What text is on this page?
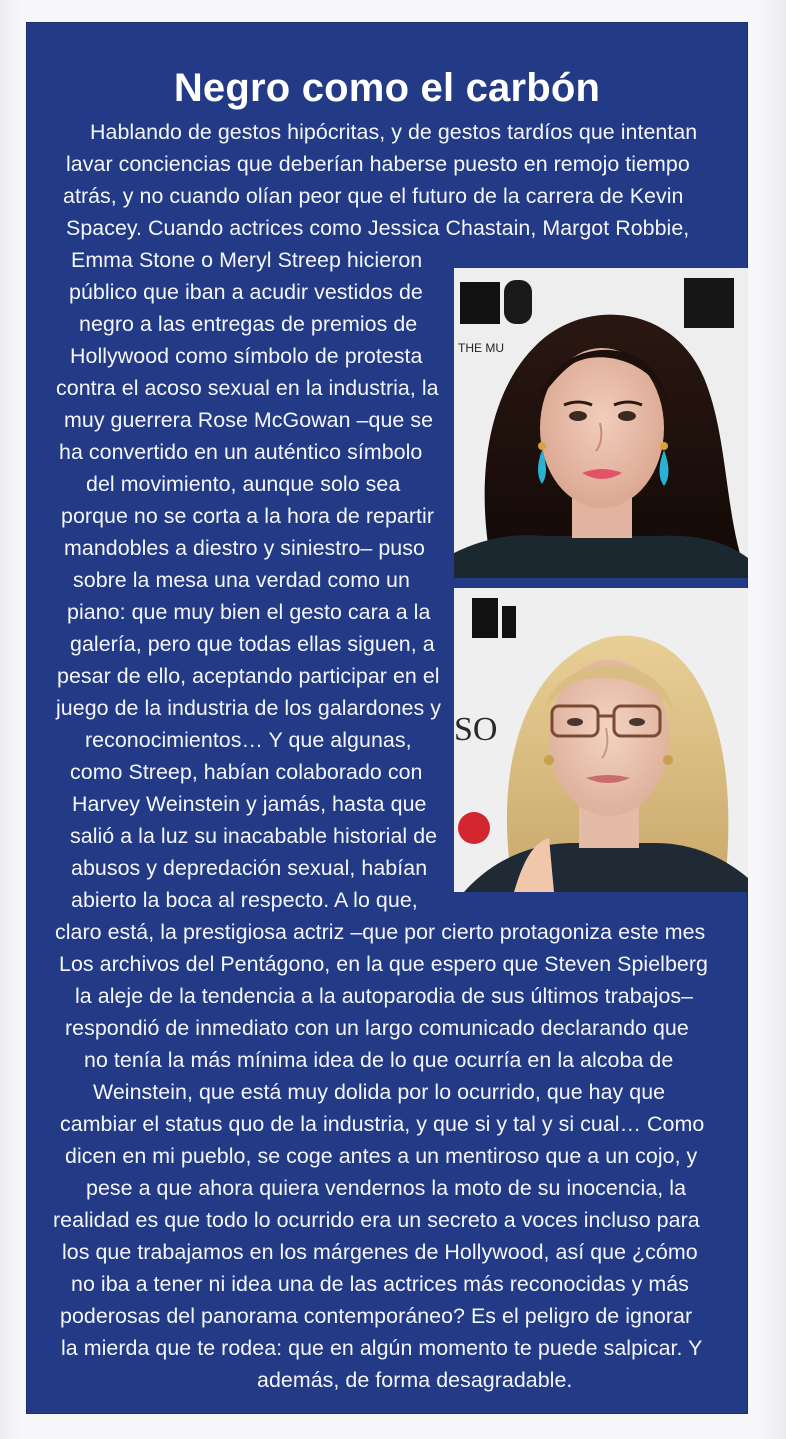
Negro como el carbón
Hablando de gestos hipócritas, y de gestos tardíos que intentan
lavar conciencias que deberían haberse puesto en remojo tiempo
atrás, y no cuando olían peor que el futuro de la carrera de Kevin
Spacey. Cuando actrices como Jessica Chastain, Margot Robbie,
Emma Stone o Meryl Streep hicieron
público que iban a acudir vestidos de
negro a las entregas de premios de
Hollywood como símbolo de protesta
contra el acoso sexual en la industria, la
muy guerrera Rose McGowan –que se
ha convertido en un auténtico símbolo
del movimiento, aunque solo sea
porque no se corta a la hora de repartir
mandobles a diestro y siniestro– puso
sobre la mesa una verdad como un
piano: que muy bien el gesto cara a la
galería, pero que todas ellas siguen, a
pesar de ello, aceptando participar en el
juego de la industria de los galardones y
reconocimientos… Y que algunas,
como Streep, habían colaborado con
Harvey Weinstein y jamás, hasta que
salió a la luz su inacabable historial de
abusos y depredación sexual, habían
abierto la boca al respecto. A lo que,
claro está, la prestigiosa actriz –que por cierto protagoniza este mes
Los archivos del Pentágono, en la que espero que Steven Spielberg
la aleje de la tendencia a la autoparodia de sus últimos trabajos–
respondió de inmediato con un largo comunicado declarando que
no tenía la más mínima idea de lo que ocurría en la alcoba de
Weinstein, que está muy dolida por lo ocurrido, que hay que
cambiar el status quo de la industria, y que si y tal y si cual… Como
dicen en mi pueblo, se coge antes a un mentiroso que a un cojo, y
pese a que ahora quiera vendernos la moto de su inocencia, la
realidad es que todo lo ocurrido era un secreto a voces incluso para
los que trabajamos en los márgenes de Hollywood, así que ¿cómo
no iba a tener ni idea una de las actrices más reconocidas y más
poderosas del panorama contemporáneo? Es el peligro de ignorar
la mierda que te rodea: que en algún momento te puede salpicar. Y
además, de forma desagradable.
THE MU
SO
